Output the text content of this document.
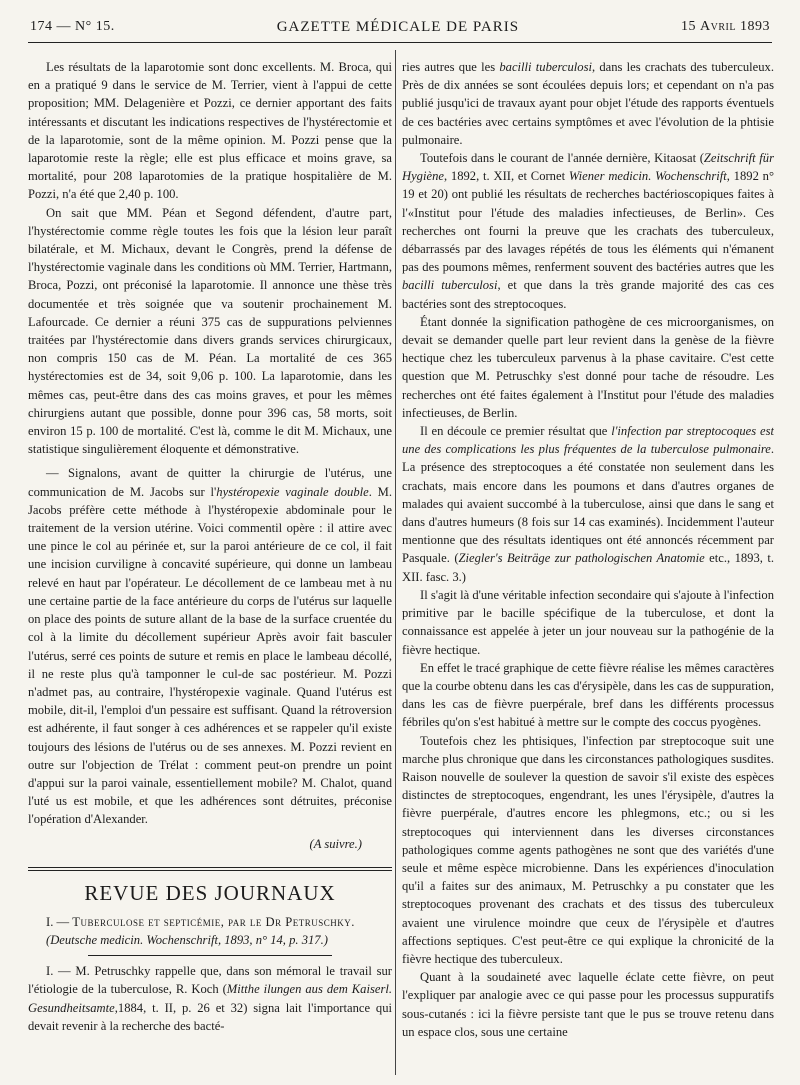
174 — N° 15.	GAZETTE MÉDICALE DE PARIS	15 Avril 1893

Les résultats de la laparotomie sont donc excellents. M. Broca, qui en a pratiqué 9 dans le service de M. Terrier, vient à l'appui de cette proposition; MM. Delagenière et Pozzi, ce dernier apportant des faits intéressants et discutant les indications respectives de l'hystérectomie et de la laparotomie, sont de la même opinion. M. Pozzi pense que la laparotomie reste la règle; elle est plus efficace et moins grave, sa mortalité, pour 208 laparotomies de la pratique hospitalière de M. Pozzi, n'a été que 2,40 p. 100.

On sait que MM. Péan et Segond défendent, d'autre part, l'hystérectomie comme règle toutes les fois que la lésion leur paraît bilatérale, et M. Michaux, devant le Congrès, prend la défense de l'hystérectomie vaginale dans les conditions où MM. Terrier, Hartmann, Broca, Pozzi, ont préconisé la laparotomie. Il annonce une thèse très documentée et très soignée que va soutenir prochainement M. Lafourcade. Ce dernier a réuni 375 cas de suppurations pelviennes traitées par l'hystérectomie dans divers grands services chirurgicaux, non compris 150 cas de M. Péan. La mortalité de ces 365 hystérectomies est de 34, soit 9,06 p. 100. La laparotomie, dans les mêmes cas, peut-être dans des cas moins graves, et pour les mêmes chirurgiens autant que possible, donne pour 396 cas, 58 morts, soit environ 15 p. 100 de mortalité. C'est là, comme le dit M. Michaux, une statistique singulièrement éloquente et démonstrative.

— Signalons, avant de quitter la chirurgie de l'utérus, une communication de M. Jacobs sur l'hystéropexie vaginale double. M. Jacobs préfère cette méthode à l'hystéropexie abdominale pour le traitement de la version utérine. Voici commentil opère : il attire avec une pince le col au périnée et, sur la paroi antérieure de ce col, il fait une incision curviligne à concavité supérieure, qui donne un lambeau relevé en haut par l'opérateur. Le décollement de ce lambeau met à nu une certaine partie de la face antérieure du corps de l'utérus sur laquelle on place des points de suture allant de la base de la surface cruentée du col à la limite du décollement supérieur Après avoir fait basculer l'utérus, serré ces points de suture et remis en place le lambeau décollé, il ne reste plus qu'à tamponner le cul-de sac postérieur. M. Pozzi n'admet pas, au contraire, l'hystéropexie vaginale. Quand l'utérus est mobile, dit-il, l'emploi d'un pessaire est suffisant. Quand la rétroversion est adhérente, il faut songer à ces adhérences et se rappeler qu'il existe toujours des lésions de l'utérus ou de ses annexes. M. Pozzi revient en outre sur l'objection de Trélat : comment peut-on prendre un point d'appui sur la paroi vainale, essentiellement mobile? M. Chalot, quand l'uté us est mobile, et que les adhérences sont détruites, préconise l'opération d'Alexander.

(A suivre.)
REVUE DES JOURNAUX

I. — Tuberculose et septicémie, par le Dr Petruschky.

(Deutsche medicin. Wochenschrift, 1893, n° 14, p. 317.)

I. — M. Petruschky rappelle que, dans son mémoral le travail sur l'étiologie de la tuberculose, R. Koch (Mitthe ilungen aus dem Kaiserl. Gesundheitsamte,1884, t. II, p. 26 et 32) signa lait l'importance qui devait revenir à la recherche des bacté-

ries autres que les bacilli tuberculosi, dans les crachats des tuberculeux. Près de dix années se sont écoulées depuis lors; et cependant on n'a pas publié jusqu'ici de travaux ayant pour objet l'étude des rapports éventuels de ces bactéries avec certains symptômes et avec l'évolution de la phtisie pulmonaire.

Toutefois dans le courant de l'année dernière, Kitaosat (Zeitschrift für Hygiène, 1892, t. XII, et Cornet Wiener medicin. Wochenschrift, 1892 n° 19 et 20) ont publié les résultats de recherches bactérioscopiques faites à l'«Institut pour l'étude des maladies infectieuses, de Berlin». Ces recherches ont fourni la preuve que les crachats des tuberculeux, débarrassés par des lavages répétés de tous les éléments qui n'émanent pas des poumons mêmes, renferment souvent des bactéries autres que les bacilli tuberculosi, et que dans la très grande majorité des cas ces bactéries sont des streptocoques.

Étant donnée la signification pathogène de ces microorganismes, on devait se demander quelle part leur revient dans la genèse de la fièvre hectique chez les tuberculeux parvenus à la phase cavitaire. C'est cette question que M. Petruschky s'est donné pour tache de résoudre. Les recherches ont été faites également à l'Institut pour l'étude des maladies infectieuses, de Berlin.

Il en découle ce premier résultat que l'infection par streptocoques est une des complications les plus fréquentes de la tuberculose pulmonaire. La présence des streptocoques a été constatée non seulement dans les crachats, mais encore dans les poumons et dans d'autres organes de malades qui avaient succombé à la tuberculose, ainsi que dans le sang et dans d'autres humeurs (8 fois sur 14 cas examinés). Incidemment l'auteur mentionne que des résultats identiques ont été annoncés récemment par Pasquale. (Ziegler's Beiträge zur pathologischen Anatomie etc., 1893, t. XII. fasc. 3.)

Il s'agit là d'une véritable infection secondaire qui s'ajoute à l'infection primitive par le bacille spécifique de la tuberculose, et dont la connaissance est appelée à jeter un jour nouveau sur la pathogénie de la fièvre hectique.

En effet le tracé graphique de cette fièvre réalise les mêmes caractères que la courbe obtenu dans les cas d'érysipèle, dans les cas de suppuration, dans les cas de fièvre puerpérale, bref dans les différents processus fébriles qu'on s'est habitué à mettre sur le compte des coccus pyogènes.

Toutefois chez les phtisiques, l'infection par streptocoque suit une marche plus chronique que dans les circonstances pathologiques susdites. Raison nouvelle de soulever la question de savoir s'il existe des espèces distinctes de streptocoques, engendrant, les unes l'érysipèle, d'autres la fièvre puerpérale, d'autres encore les phlegmons, etc.; ou si les streptocoques qui interviennent dans les diverses circonstances pathologiques comme agents pathogènes ne sont que des variétés d'une seule et même espèce microbienne. Dans les expériences d'inoculation qu'il a faites sur des animaux, M. Petruschky a pu constater que les streptocoques provenant des crachats et des tissus des tuberculeux avaient une virulence moindre que ceux de l'érysipèle et d'autres affections septiques. C'est peut-être ce qui explique la chronicité de la fièvre hectique des tuberculeux.

Quant à la soudaineté avec laquelle éclate cette fièvre, on peut l'expliquer par analogie avec ce qui passe pour les processus suppuratifs sous-cutanés : ici la fièvre persiste tant que le pus se trouve retenu dans un espace clos, sous une certaine
